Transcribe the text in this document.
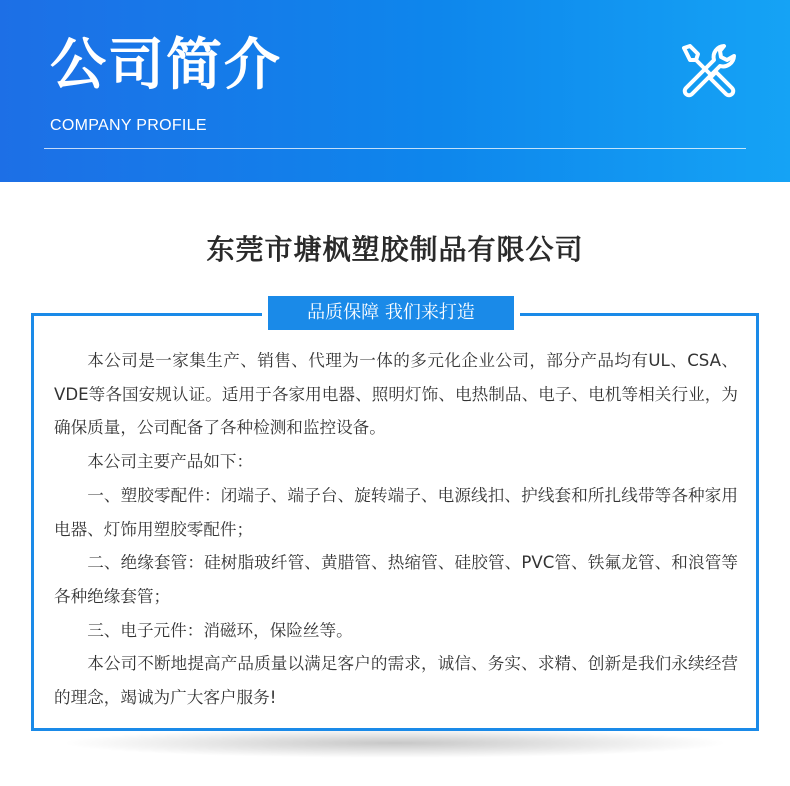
公司简介
COMPANY PROFILE
东莞市塘枫塑胶制品有限公司
品质保障 我们来打造

本公司是一家集生产、销售、代理为一体的多元化企业公司，部分产品均有UL、CSA、VDE等各国安规认证。适用于各家用电器、照明灯饰、电热制品、电子、电机等相关行业，为确保质量，公司配备了各种检测和监控设备。

本公司主要产品如下：

一、塑胶零配件：闭端子、端子台、旋转端子、电源线扣、护线套和所扎线带等各种家用电器、灯饰用塑胶零配件；

二、绝缘套管：硅树脂玻纤管、黄腊管、热缩管、硅胶管、PVC管、铁氟龙管、和浪管等各种绝缘套管；

三、电子元件：消磁环，保险丝等。

本公司不断地提高产品质量以满足客户的需求，诚信、务实、求精、创新是我们永续经营的理念，竭诚为广大客户服务!
